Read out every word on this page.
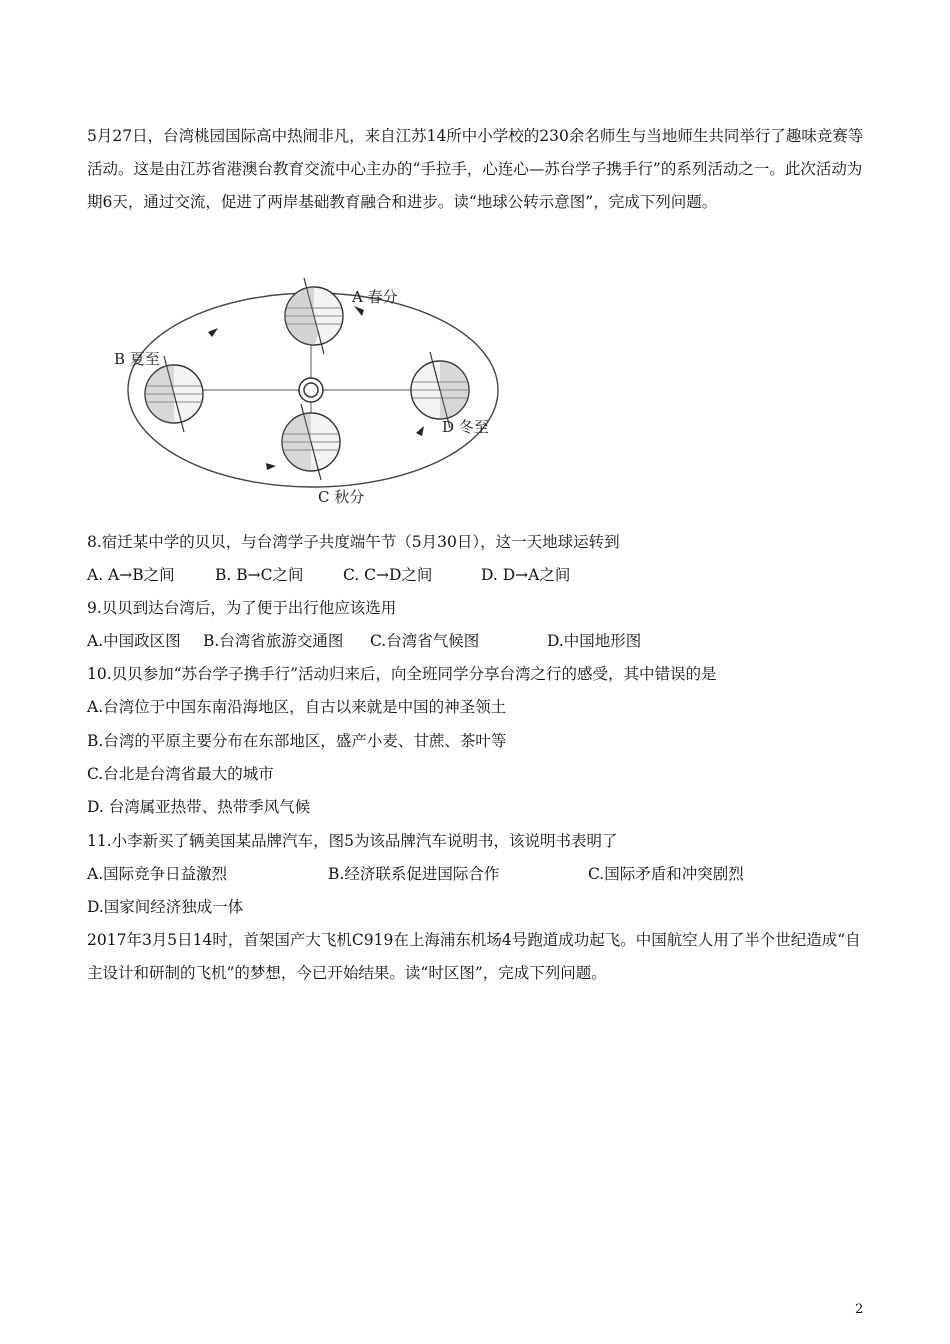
5月27日，台湾桃园国际高中热闹非凡，来自江苏14所中小学校的230余名师生与当地师生共同举行了趣味竞赛等活动。这是由江苏省港澳台教育交流中心主办的“手拉手，心连心—苏台学子携手行”的系列活动之一。此次活动为期6天，通过交流，促进了两岸基础教育融合和进步。读“地球公转示意图”，完成下列问题。

A 春分
B 夏至
C 秋分
D 冬至
8.宿迁某中学的贝贝，与台湾学子共度端午节（5月30日），这一天地球运转到
A. A→B之间	B. B→C之间	C. C→D之间	D. D→A之间
9.贝贝到达台湾后，为了便于出行他应该选用
A.中国政区图 B.台湾省旅游交通图 C.台湾省气候图	D.中国地形图
10.贝贝参加“苏台学子携手行”活动归来后，向全班同学分享台湾之行的感受，其中错误的是
A.台湾位于中国东南沿海地区，自古以来就是中国的神圣领土
B.台湾的平原主要分布在东部地区，盛产小麦、甘蔗、茶叶等
C.台北是台湾省最大的城市
D. 台湾属亚热带、热带季风气候
11.小李新买了辆美国某品牌汽车，图5为该品牌汽车说明书，该说明书表明了
A.国际竞争日益激烈	B.经济联系促进国际合作	C.国际矛盾和冲突剧烈
D.国家间经济独成一体

2017年3月5日14时，首架国产大飞机C919在上海浦东机场4号跑道成功起飞。中国航空人用了半个世纪造成“自主设计和研制的飞机”的梦想，今已开始结果。读“时区图”，完成下列问题。

2
